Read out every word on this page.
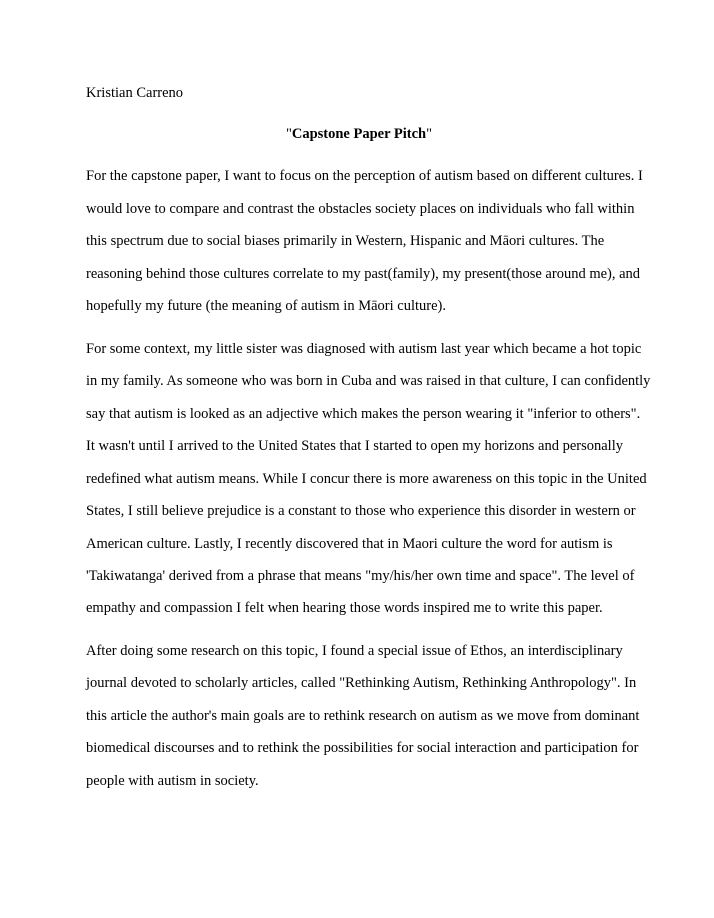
Kristian Carreno
"Capstone Paper Pitch"
For the capstone paper, I want to focus on the perception of autism based on different cultures. I
would love to compare and contrast the obstacles society places on individuals who fall within
this spectrum due to social biases primarily in Western, Hispanic and Māori cultures. The
reasoning behind those cultures correlate to my past(family), my present(those around me), and
hopefully my future (the meaning of autism in Māori culture).
For some context, my little sister was diagnosed with autism last year which became a hot topic
in my family. As someone who was born in Cuba and was raised in that culture, I can confidently
say that autism is looked as an adjective which makes the person wearing it "inferior to others".
It wasn't until I arrived to the United States that I started to open my horizons and personally
redefined what autism means. While I concur there is more awareness on this topic in the United
States, I still believe prejudice is a constant to those who experience this disorder in western or
American culture. Lastly, I recently discovered that in Maori culture the word for autism is
'Takiwatanga' derived from a phrase that means "my/his/her own time and space". The level of
empathy and compassion I felt when hearing those words inspired me to write this paper.
After doing some research on this topic, I found a special issue of Ethos, an interdisciplinary
journal devoted to scholarly articles, called "Rethinking Autism, Rethinking Anthropology". In
this article the author's main goals are to rethink research on autism as we move from dominant
biomedical discourses and to rethink the possibilities for social interaction and participation for
people with autism in society.
